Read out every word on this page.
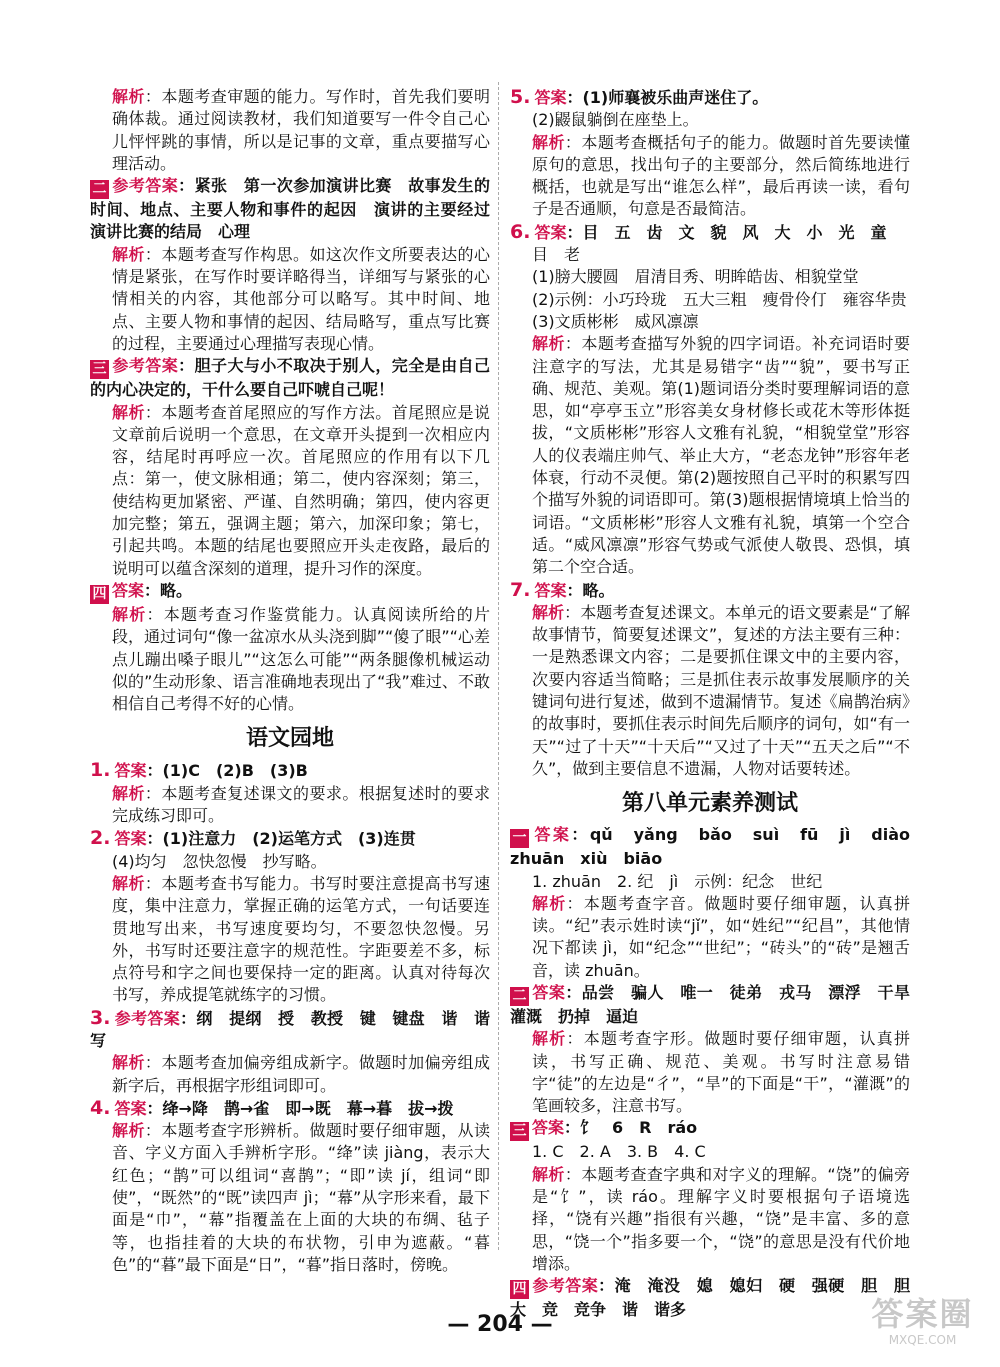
解析：本题考查审题的能力。写作时，首先我们要明确体裁。通过阅读教材，我们知道要写一件令自己心儿怦怦跳的事情，所以是记事的文章，重点要描写心理活动。

二 参考答案：紧张　第一次参加演讲比赛　故事发生的时间、地点、主要人物和事件的起因　演讲的主要经过　演讲比赛的结局　心理

解析：本题考查写作构思。如这次作文所要表达的心情是紧张，在写作时要详略得当，详细写与紧张的心情相关的内容，其他部分可以略写。其中时间、地点、主要人物和事情的起因、结局略写，重点写比赛的过程，主要通过心理描写表现心情。

三 参考答案：胆子大与小不取决于别人，完全是由自己的内心决定的，干什么要自己吓唬自己呢！

解析：本题考查首尾照应的写作方法。首尾照应是说文章前后说明一个意思，在文章开头提到一次相应内容，结尾时再呼应一次。首尾照应的作用有以下几点：第一，使文脉相通；第二，使内容深刻；第三，使结构更加紧密、严谨、自然明确；第四，使内容更加完整；第五，强调主题；第六，加深印象；第七，引起共鸣。本题的结尾也要照应开头走夜路，最后的说明可以蕴含深刻的道理，提升习作的深度。

四 答案：略。

解析：本题考查习作鉴赏能力。认真阅读所给的片段，通过词句“像一盆凉水从头浇到脚”“傻了眼”“心差点儿蹦出嗓子眼儿”“这怎么可能”“两条腿像机械运动似的”生动形象、语言准确地表现出了“我”难过、不敢相信自己考得不好的心情。

语文园地

1. 答案：(1)C　(2)B　(3)B

解析：本题考查复述课文的要求。根据复述时的要求完成练习即可。

2. 答案：(1)注意力　(2)运笔方式　(3)连贯

(4)均匀　忽快忽慢　抄写略。

解析：本题考查书写能力。书写时要注意提高书写速度，集中注意力，掌握正确的运笔方式，一句话要连贯地写出来，书写速度要均匀，不要忽快忽慢。另外，书写时还要注意字的规范性。字距要差不多，标点符号和字之间也要保持一定的距离。认真对待每次书写，养成提笔就练字的习惯。

3. 参考答案：纲　提纲　授　教授　键　键盘　谐　谐写

解析：本题考查加偏旁组成新字。做题时加偏旁组成新字后，再根据字形组词即可。

4. 答案：绛→降　鹊→雀　即→既　幕→暮　拔→拨

解析：本题考查字形辨析。做题时要仔细审题，从读音、字义方面入手辨析字形。“绛”读 jiàng，表示大红色；“鹊”可以组词“喜鹊”；“即”读 jí，组词“即使”，“既然”的“既”读四声 jì；“幕”从字形来看，最下面是“巾”，“幕”指覆盖在上面的大块的布绸、毡子等，也指挂着的大块的布状物，引申为遮蔽。“暮色”的“暮”最下面是“日”，“暮”指日落时，傍晚。

5. 答案：(1)师襄被乐曲声迷住了。

(2)鼹鼠躺倒在座垫上。

解析：本题考查概括句子的能力。做题时首先要读懂原句的意思，找出句子的主要部分，然后简练地进行概括，也就是写出“谁怎么样”，最后再读一读，看句子是否通顺，句意是否最简洁。

6. 答案：目　五　齿　文　貌　风　大　小　光　童

目　老

(1)膀大腰圆　眉清目秀、明眸皓齿、相貌堂堂

(2)示例：小巧玲珑　五大三粗　瘦骨伶仃　雍容华贵

(3)文质彬彬　威风凛凛

解析：本题考查描写外貌的四字词语。补充词语时要注意字的写法，尤其是易错字“齿”“貌”，要书写正确、规范、美观。第(1)题词语分类时要理解词语的意思，如“亭亭玉立”形容美女身材修长或花木等形体挺拔，“文质彬彬”形容人文雅有礼貌，“相貌堂堂”形容人的仪表端庄帅气、举止大方，“老态龙钟”形容年老体衰，行动不灵便。第(2)题按照自己平时的积累写四个描写外貌的词语即可。第(3)题根据情境填上恰当的词语。“文质彬彬”形容人文雅有礼貌，填第一个空合适。“威风凛凛”形容气势或气派使人敬畏、恐惧，填第二个空合适。

7. 答案：略。

解析：本题考查复述课文。本单元的语文要素是“了解故事情节，简要复述课文”，复述的方法主要有三种：一是熟悉课文内容；二是要抓住课文中的主要内容，次要内容适当简略；三是抓住表示故事发展顺序的关键词句进行复述，做到不遗漏情节。复述《扁鹊治病》的故事时，要抓住表示时间先后顺序的词句，如“有一天”“过了十天”“十天后”“又过了十天”“五天之后”“不久”，做到主要信息不遗漏，人物对话要转述。

第八单元素养测试

一 答案：qǔ　yǎng　bǎo　suì　fū　jì　diào　zhuān　xiù　biāo

1. zhuān　2. 纪　jì　示例：纪念　世纪

解析：本题考查字音。做题时要仔细审题，认真拼读。“纪”表示姓时读“jǐ”，如“姓纪”“纪昌”，其他情况下都读 jì，如“纪念”“世纪”；“砖头”的“砖”是翘舌音，读 zhuān。

二 答案：品尝　骗人　唯一　徒弟　戎马　漂浮　干旱　灌溉　扔掉　逼迫

解析：本题考查字形。做题时要仔细审题，认真拼读，书写正确、规范、美观。书写时注意易错字“徒”的左边是“彳”，“旱”的下面是“干”，“灌溉”的笔画较多，注意书写。

三 答案：饣　6　R　ráo

1. C　2. A　3. B　4. C

解析：本题考查查字典和对字义的理解。“饶”的偏旁是“饣”，读 ráo。理解字义时要根据句子语境选择，“饶有兴趣”指很有兴趣，“饶”是丰富、多的意思，“饶一个”指多要一个，“饶”的意思是没有代价地增添。

四 参考答案：淹　淹没　媳　媳妇　硬　强硬　胆　胆大　竞　竞争　谐　谐多

— 204 —	答案圈
MXQE.COM
